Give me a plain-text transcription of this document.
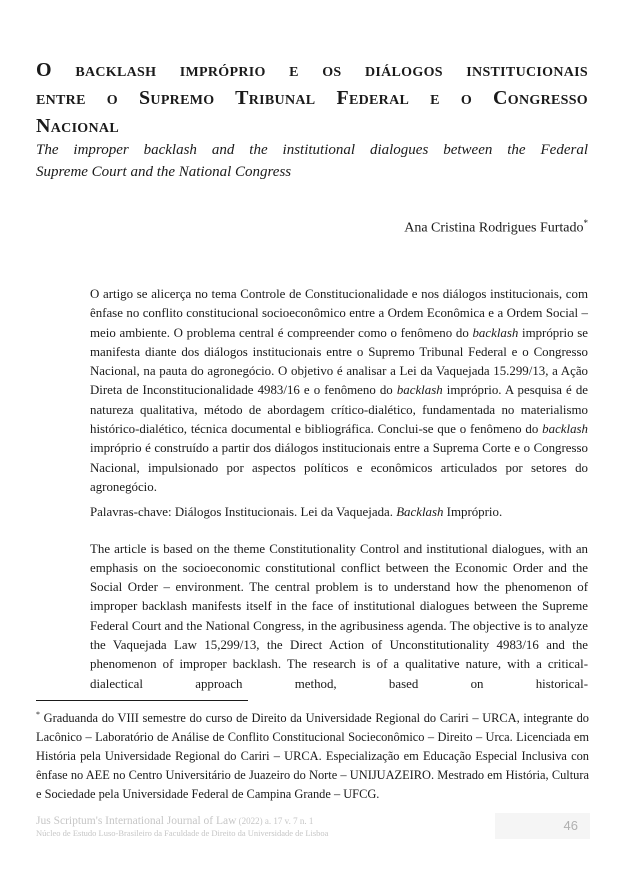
O backlash impróprio e os diálogos institucionais
entre o Supremo Tribunal Federal e o Congresso
Nacional
The improper backlash and the institutional dialogues between the Federal
Supreme Court and the National Congress
Ana Cristina Rodrigues Furtado*

O artigo se alicerça no tema Controle de Constitucionalidade e nos diálogos institucionais, com ênfase no conflito constitucional socioeconômico entre a Ordem Econômica e a Ordem Social – meio ambiente. O problema central é compreender como o fenômeno do backlash impróprio se manifesta diante dos diálogos institucionais entre o Supremo Tribunal Federal e o Congresso Nacional, na pauta do agronegócio. O objetivo é analisar a Lei da Vaquejada 15.299/13, a Ação Direta de Inconstitucionalidade 4983/16 e o fenômeno do backlash impróprio. A pesquisa é de natureza qualitativa, método de abordagem crítico-dialético, fundamentada no materialismo histórico-dialético, técnica documental e bibliográfica. Conclui-se que o fenômeno do backlash impróprio é construído a partir dos diálogos institucionais entre a Suprema Corte e o Congresso Nacional, impulsionado por aspectos políticos e econômicos articulados por setores do agronegócio.

Palavras-chave: Diálogos Institucionais. Lei da Vaquejada. Backlash Impróprio.

The article is based on the theme Constitutionality Control and institutional dialogues, with an emphasis on the socioeconomic constitutional conflict between the Economic Order and the Social Order – environment. The central problem is to understand how the phenomenon of improper backlash manifests itself in the face of institutional dialogues between the Supreme Federal Court and the National Congress, in the agribusiness agenda. The objective is to analyze the Vaquejada Law 15,299/13, the Direct Action of Unconstitutionality 4983/16 and the phenomenon of improper backlash. The research is of a qualitative nature, with a critical-dialectical approach method, based on historical-

* Graduanda do VIII semestre do curso de Direito da Universidade Regional do Cariri – URCA, integrante do Lacônico – Laboratório de Análise de Conflito Constitucional Socieconômico – Direito – Urca. Licenciada em História pela Universidade Regional do Cariri – URCA. Especialização em Educação Especial Inclusiva con ênfase no AEE no Centro Universitário de Juazeiro do Norte – UNIJUAZEIRO. Mestrado em História, Cultura e Sociedade pela Universidade Federal de Campina Grande – UFCG.

Jus Scriptum's International Journal of Law (2022) a. 17 v. 7 n. 1
Núcleo de Estudo Luso-Brasileiro da Faculdade de Direito da Universidade de Lisboa	46
